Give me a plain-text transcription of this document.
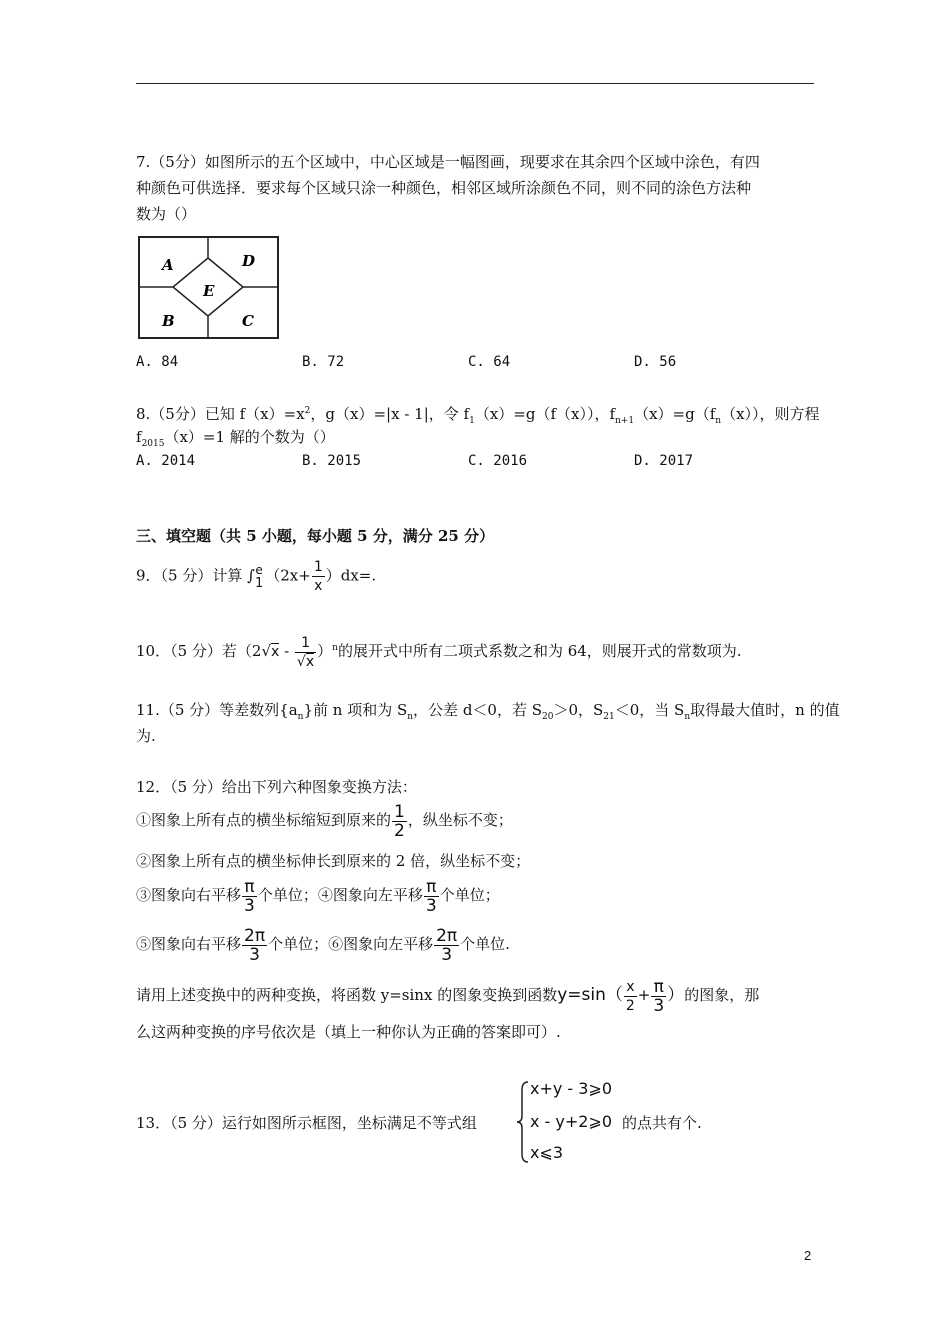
7.（5分）如图所示的五个区域中，中心区域是一幅图画，现要求在其余四个区域中涂色，有四
种颜色可供选择．要求每个区域只涂一种颜色，相邻区域所涂颜色不同，则不同的涂色方法种
数为（）
A	D
E
B	C
A. 84	B. 72	C. 64	D. 56
8.（5分）已知 $f(x)=x^2$，g（x）=|x - 1|，令 $f_1(x)=g(f(x))$，$f_{n+1}(x)=g(f_n(x))$，则方程
$f_{2015}(x)=1$ 解的个数为（）
A. 2014	B. 2015	C. 2016	D. 2017
三、填空题（共 5 小题，每小题 5 分，满分 25 分）
9．（5 分）计算 ∫ e
1 $(2x+ \frac{1}{x} )dx=$.
10．（5 分）若$(2√x - \frac{1}{√x} )^n$的展开式中所有二项式系数之和为 64，则展开式的常数项为.
11.（5 分）等差数列$\{a_n\}$前 n 项和为 $S_n$，公差 d＜0，若 $S_{20}>0$，$S_{21}<0$，当 $S_n$取得最大值时，n 的值
为.
12．（5 分）给出下列六种图象变换方法：
①图象上所有点的横坐标缩短到原来的 $\frac{1}{2}$ ，纵坐标不变；
②图象上所有点的横坐标伸长到原来的 2 倍，纵坐标不变；
③图象向右平移 $\frac{\pi}{3}$ 个单位；④图象向左平移 $\frac{\pi}{3}$ 个单位；
⑤图象向右平移 $\frac{2\pi}{3}$ 个单位；⑥图象向左平移 $\frac{2\pi}{3}$ 个单位.
请用上述变换中的两种变换，将函数 y=sinx 的图象变换到函数$y=\sin( \frac{x}{2} + \frac{\pi}{3}$ ）的图象，那
么这两种变换的序号依次是（填上一种你认为正确的答案即可）.
13．（5 分）运行如图所示框图，坐标满足不等式组
x+y - 3⩾0
x - y+2⩾0
x⩽3
的点共有个.
2
